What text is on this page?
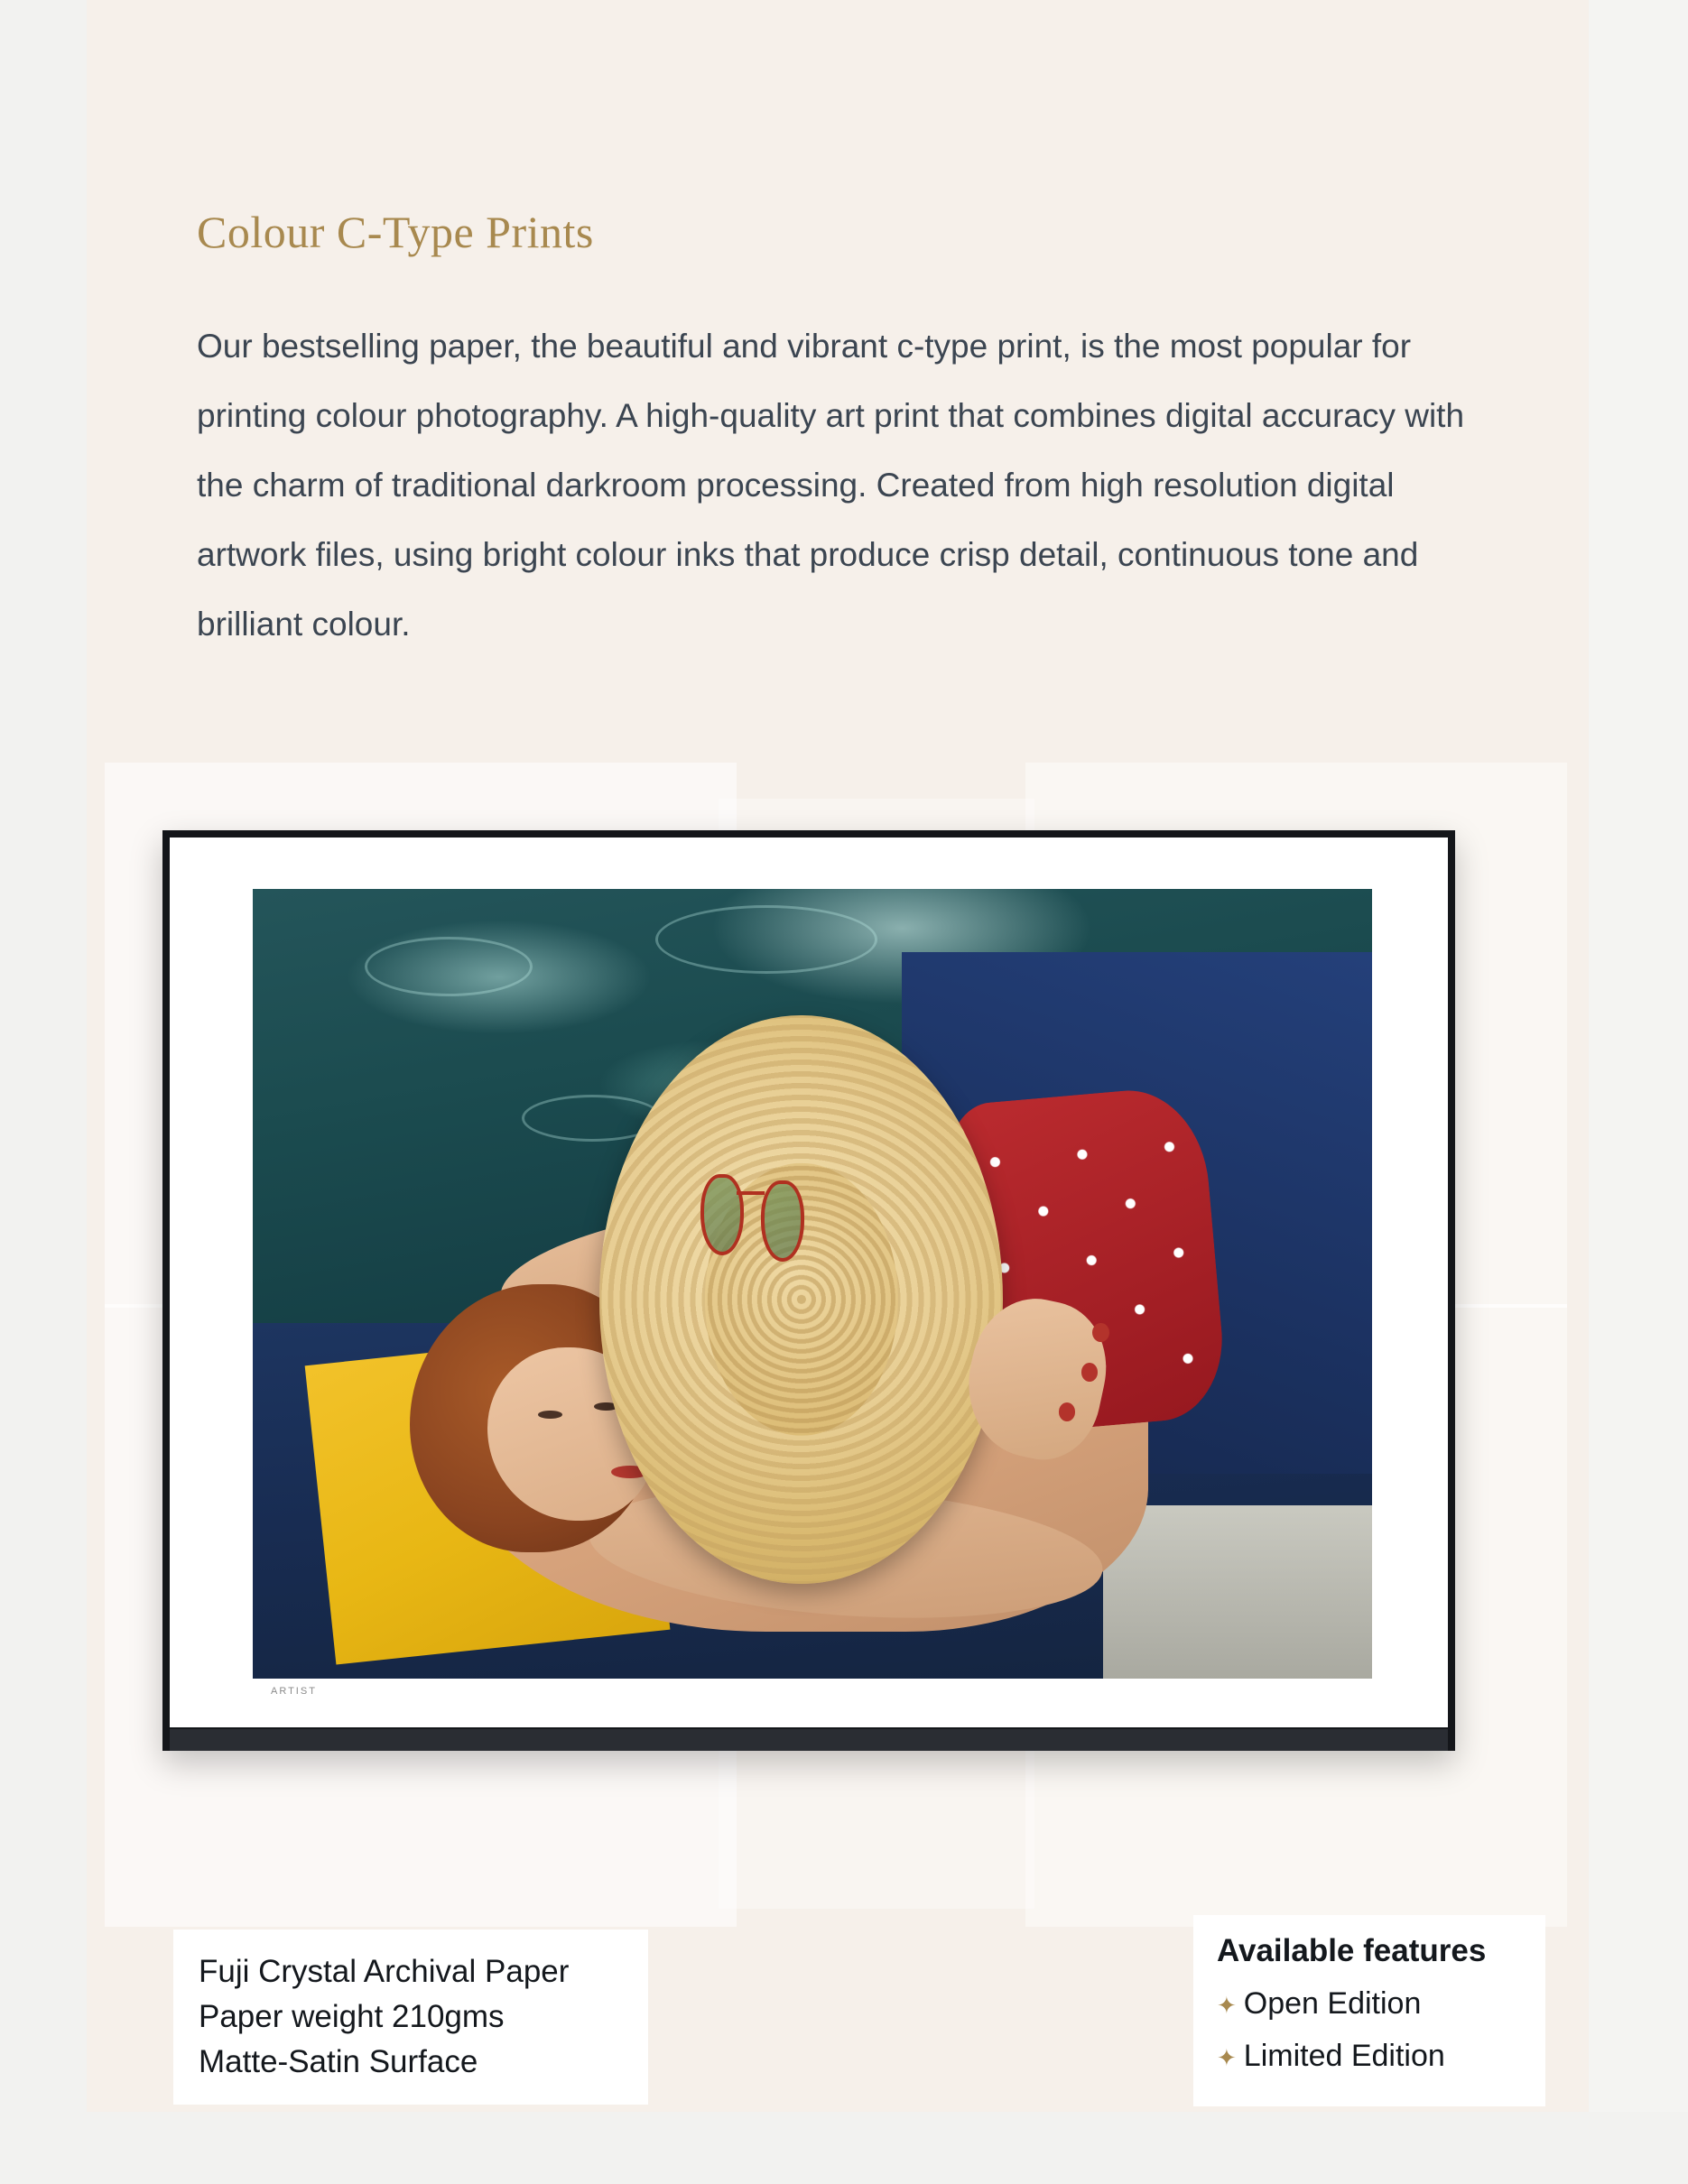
Colour C-Type Prints
Our bestselling paper, the beautiful and vibrant c-type print, is the most popular for printing colour photography. A high-quality art print that combines digital accuracy with the charm of traditional darkroom processing. Created from high resolution digital artwork files, using bright colour inks that produce crisp detail, continuous tone and brilliant colour.
ARTIST
Fuji Crystal Archival Paper
Paper weight 210gms
Matte-Satin Surface
Available features
✦ Open Edition
✦ Limited Edition
